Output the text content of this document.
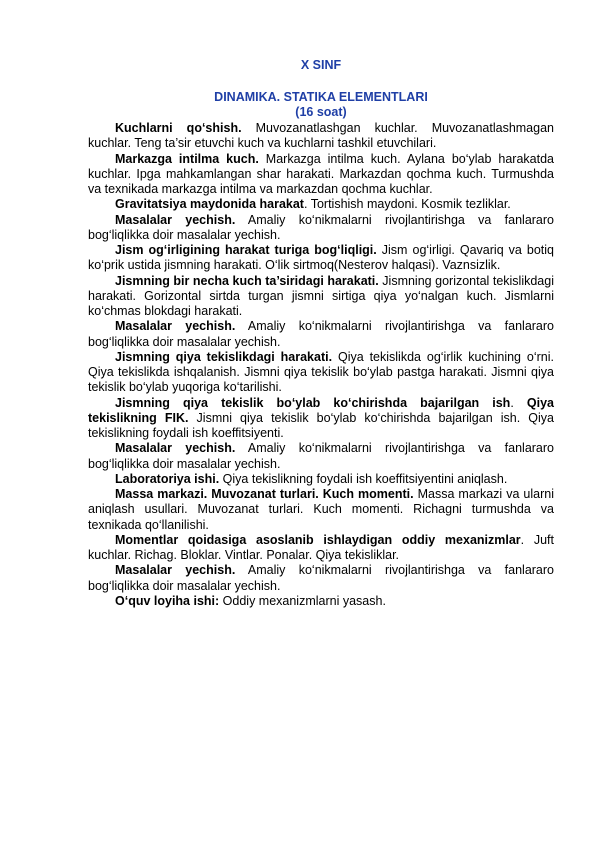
X SINF
DINAMIKA. STATIKA ELEMENTLARI
(16 soat)

Kuchlarni qo‘shish. Muvozanatlashgan kuchlar. Muvozanatlashmagan kuchlar. Teng ta’sir etuvchi kuch va kuchlarni tashkil etuvchilari.

Markazga intilma kuch. Markazga intilma kuch. Aylana bo‘ylab harakatda kuchlar. Ipga mahkamlangan shar harakati. Markazdan qochma kuch. Turmushda va texnikada markazga intilma va markazdan qochma kuchlar.

Gravitatsiya maydonida harakat. Tortishish maydoni. Kosmik tezliklar.

Masalalar yechish. Amaliy ko‘nikmalarni rivojlantirishga va fanlararo bog‘liqlikka doir masalalar yechish.

Jism og‘irligining harakat turiga bog‘liqligi. Jism og‘irligi. Qavariq va botiq ko‘prik ustida jismning harakati. O‘lik sirtmoq(Nesterov halqasi). Vaznsizlik.

Jismning bir necha kuch ta’siridagi harakati. Jismning gorizontal tekislikdagi harakati. Gorizontal sirtda turgan jismni sirtiga qiya yo‘nalgan kuch. Jismlarni ko‘chmas blokdagi harakati.

Masalalar yechish. Amaliy ko‘nikmalarni rivojlantirishga va fanlararo bog‘liqlikka doir masalalar yechish.

Jismning qiya tekislikdagi harakati. Qiya tekislikda og‘irlik kuchining o‘rni. Qiya tekislikda ishqalanish. Jismni qiya tekislik bo‘ylab pastga harakati. Jismni qiya tekislik bo‘ylab yuqoriga ko‘tarilishi.

Jismning qiya tekislik bo‘ylab ko‘chirishda bajarilgan ish. Qiya tekislikning FIK. Jismni qiya tekislik bo‘ylab ko‘chirishda bajarilgan ish. Qiya tekislikning foydali ish koeffitsiyenti.

Masalalar yechish. Amaliy ko‘nikmalarni rivojlantirishga va fanlararo bog‘liqlikka doir masalalar yechish.

Laboratoriya ishi. Qiya tekislikning foydali ish koeffitsiyentini aniqlash.

Massa markazi. Muvozanat turlari. Kuch momenti. Massa markazi va ularni aniqlash usullari. Muvozanat turlari. Kuch momenti. Richagni turmushda va texnikada qo‘llanilishi.

Momentlar qoidasiga asoslanib ishlaydigan oddiy mexanizmlar. Juft kuchlar. Richag. Bloklar. Vintlar. Ponalar. Qiya tekisliklar.

Masalalar yechish. Amaliy ko‘nikmalarni rivojlantirishga va fanlararo bog‘liqlikka doir masalalar yechish.

O‘quv loyiha ishi: Oddiy mexanizmlarni yasash.
